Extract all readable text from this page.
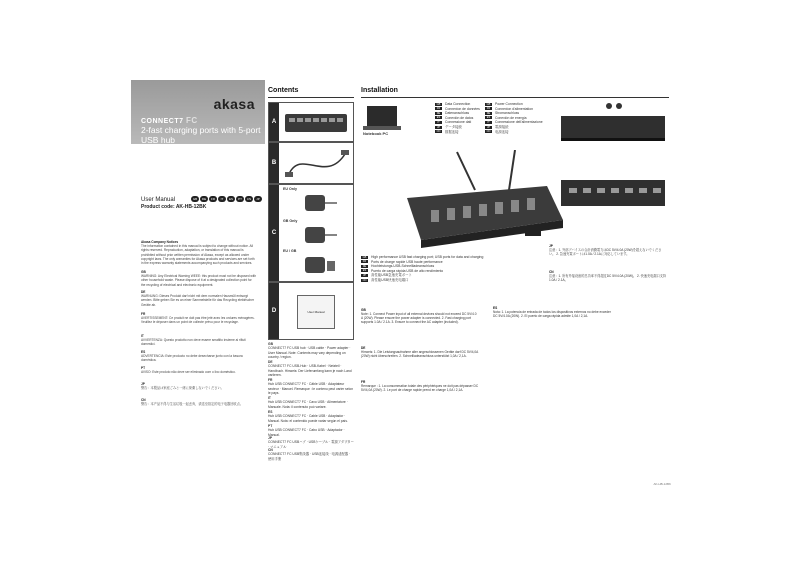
akasa
CONNECT7 FC
2-fast charging ports with 5-port USB hub
User Manual	GB	DE	FR	IT	ES	PT	CN	JP
Product code: AK-HB-12BK
Akasa Company Notices
The information contained in this manual is subject to change without notice. All rights reserved. Reproduction, adaptation, or translation of this manual is prohibited without prior written permission of Akasa, except as allowed under copyright laws. The only warranties for Akasa products and services are set forth in the express warranty statements accompanying such products and services.
GB
WARNING: Any Electrical Warning WEEE: this product must not be disposed with other household waste. Please dispose of it at a designated collection point for the recycling of electrical and electronic equipment.
DE
WARNUNG: Dieses Produkt darf nicht mit dem normalen Hausmüll entsorgt werden. Bitte geben Sie es an einer Sammelstelle für das Recycling elektrischer Geräte ab.
FR
AVERTISSEMENT: Ce produit ne doit pas être jeté avec les ordures ménagères. Veuillez le déposer dans un point de collecte prévu pour le recyclage.
IT
AVVERTENZA: Questo prodotto non deve essere smaltito insieme ai rifiuti domestici.
ES
ADVERTENCIA: Este producto no debe desecharse junto con la basura doméstica.
PT
AVISO: Este produto não deve ser eliminado com o lixo doméstico.
JP
警告：本製品は家庭ごみと一緒に廃棄しないでください。
CN
警告：本产品不得与生活垃圾一起丢弃，请送至指定的电子电器回收点。
Contents
A
B
C
EU Only
GB Only
EU / GB
D	User Manual
GB
CONNECT7 FC USB hub · USB cable · Power adapter · User Manual. Note: Contents may vary depending on country / region.
DE
CONNECT7 FC USB-Hub · USB-Kabel · Netzteil · Handbuch. Hinweis: Der Lieferumfang kann je nach Land variieren.
FR
Hub USB CONNECT7 FC · Câble USB · Adaptateur secteur · Manuel. Remarque : le contenu peut varier selon le pays.
IT
Hub USB CONNECT7 FC · Cavo USB · Alimentatore · Manuale. Nota: il contenuto può variare.
ES
Hub USB CONNECT7 FC · Cable USB · Adaptador · Manual. Nota: el contenido puede variar según el país.
PT
Hub USB CONNECT7 FC · Cabo USB · Adaptador · Manual.
JP
CONNECT7 FC USBハブ · USBケーブル · 電源アダプター · マニュアル
CN
CONNECT7 FC USB集线器 · USB连接线 · 电源适配器 · 使用手册
Installation
Notebook PC
GB Data Connection
FR Connexion de données
DE Datenanschluss
ES Conexión de datos
IT Connessione dati
JP データ接続
CN 数据连接
GB Power Connection
FR Connexion d'alimentation
DE Stromanschluss
ES Conexión de energía
IT Connessione dell'alimentazione
JP 電源接続
CN 电源连接
GB High performance USB fast charging port; USB ports for data and charging
FR Ports de charge rapide USB haute performance
DE Hochleistungs-USB-Schnellladeanschluss
ES Puerto de carga rápida USB de alto rendimiento
JP 高性能USB急速充電ポート
CN 高性能USB快速充电端口
GB
Note: 1. Connect Power input of all external devices should not exceed DC 5V/4.0 A (20W). Please ensure the power adapter is connected. 2. Fast charging port supports 1.0A / 2.1A. 3. Ensure to connect the AC adapter (included).
DE
Hinweis: 1. Die Leistungsaufnahme aller angeschlossenen Geräte darf DC 5V/4,0A (20W) nicht überschreiten. 2. Schnellladeanschluss unterstützt 1,0A / 2,1A.
FR
Remarque : 1. La consommation totale des périphériques ne doit pas dépasser DC 5V/4,0A (20W). 2. Le port de charge rapide prend en charge 1,0A / 2,1A.
ES
Nota: 1. La potencia de entrada de todos los dispositivos externos no debe exceder DC 5V/4.0A (20W). 2. El puerto de carga rápida admite 1,0A / 2,1A.
JP
注意：1. 外部デバイスの合計消費電力はDC 5V/4.0A (20W)を超えないでください。 2. 急速充電ポートは1.0A / 2.1Aに対応しています。
CN
注意：1. 所有外接设备的总功率不得超过DC 5V/4.0A (20W)。 2. 快速充电端口支持1.0A / 2.1A。
AK-HB-12BK
